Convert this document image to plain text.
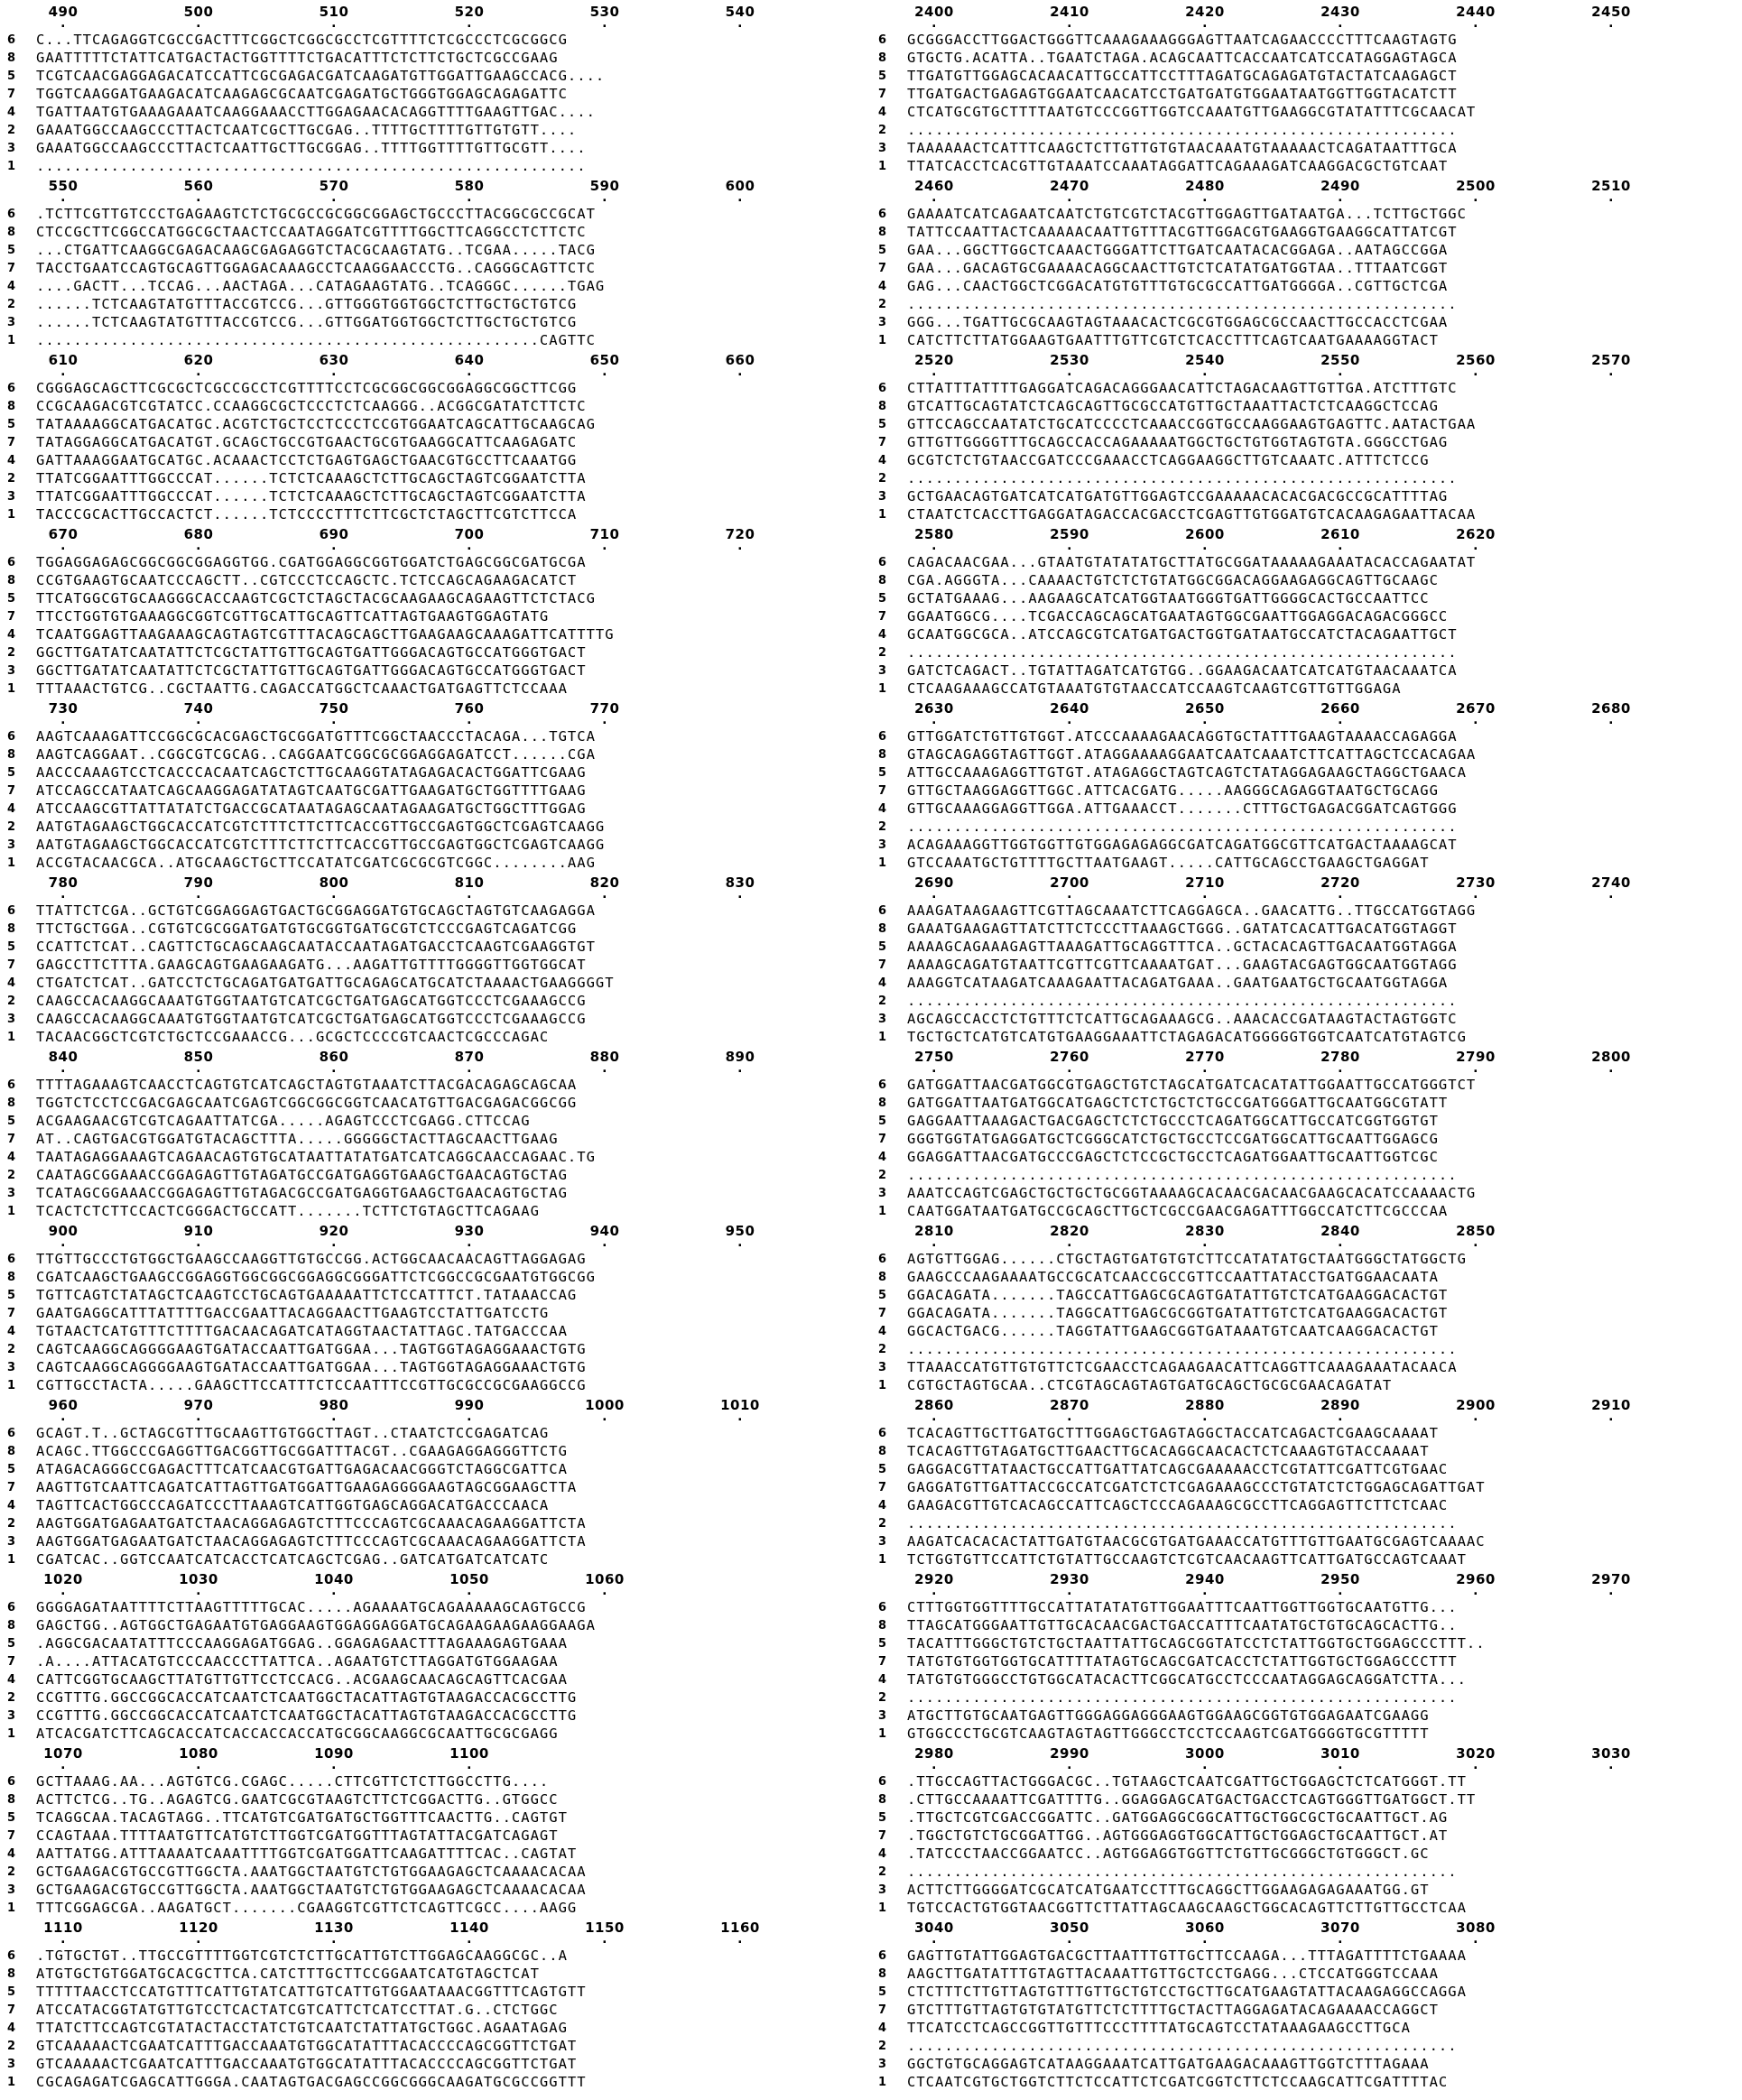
490 .	500 .	510 .	520 .	530 .	540 .
6	C...TTCAGAGGTCGCCGACTTTCGGCTCGGCGCCTCGTTTTCTCGCCCTCGCGGCG
8	GAATTTTTCTATTCATGACTACTGGTTTTCTGACATTTCTCTTCTGCTCGCCGAAG
5	TCGTCAACGAGGAGACATCCATTCGCGAGACGATCAAGATGTTGGATTGAAGCCACG....
7	TGGTCAAGGATGAAGACATCAAGAGCGCAATCGAGATGCTGGGTGGAGCAGAGATTC
4	TGATTAATGTGAAAGAAATCAAGGAAACCTTGGAGAACACAGGTTTTGAAGTTGAC....
2	GAAATGGCCAAGCCCTTACTCAATCGCTTGCGAG..TTTTGCTTTTGTTGTGTT....
3	GAAATGGCCAAGCCCTTACTCAATTGCTTGCGGAG..TTTTGGTTTTGTTGCGTT....
1	...........................................................
550 .	560 .	570 .	580 .	590 .	600 .
6	.TCTTCGTTGTCCCTGAGAAGTCTCTGCGCCGCGGCGGAGCTGCCCTTACGGCGCCGCAT
8	CTCCGCTTCGGCCATGGCGCTAACTCCAATAGGATCGTTTTGGCTTCAGGCCTCTTCTC
5	...CTGATTCAAGGCGAGACAAGCGAGAGGTCTACGCAAGTATG..TCGAA.....TACG
7	TACCTGAATCCAGTGCAGTTGGAGACAAAGCCTCAAGGAACCCTG..CAGGGCAGTTCTC
4	....GACTT...TCCAG...AACTAGA...CATAGAAGTATG..TCAGGGC......TGAG
2	......TCTCAAGTATGTTTACCGTCCG...GTTGGGTGGTGGCTCTTGCTGCTGTCG
3	......TCTCAAGTATGTTTACCGTCCG...GTTGGATGGTGGCTCTTGCTGCTGTCG
1	......................................................CAGTTC
610 .	620 .	630 .	640 .	650 .	660 .
6	CGGGAGCAGCTTCGCGCTCGCCGCCTCGTTTTCCTCGCGGCGGCGGAGGCGGCTTCGG
8	CCGCAAGACGTCGTATCC.CCAAGGCGCTCCCTCTCAAGGG..ACGGCGATATCTTCTC
5	TATAAAAGGCATGACATGC.ACGTCTGCTCCTCCCTCCGTGGAATCAGCATTGCAAGCAG
7	TATAGGAGGCATGACATGT.GCAGCTGCCGTGAACTGCGTGAAGGCATTCAAGAGATC
4	GATTAAAGGAATGCATGC.ACAAACTCCTCTGAGTGAGCTGAACGTGCCTTCAAATGG
2	TTATCGGAATTTGGCCCAT......TCTCTCAAAGCTCTTGCAGCTAGTCGGAATCTTA
3	TTATCGGAATTTGGCCCAT......TCTCTCAAAGCTCTTGCAGCTAGTCGGAATCTTA
1	TACCCGCACTTGCCACTCT......TCTCCCCTTTCTTCGCTCTAGCTTCGTCTTCCA
670 .	680 .	690 .	700 .	710 .	720 .
6	TGGAGGAGAGCGGCGGCGGAGGTGG.CGATGGAGGCGGTGGATCTGAGCGGCGATGCGA
8	CCGTGAAGTGCAATCCCAGCTT..CGTCCCTCCAGCTC.TCTCCAGCAGAAGACATCT
5	TTCATGGCGTGCAAGGGCACCAAGTCGCTCTAGCTACGCAAGAAGCAGAAGTTCTCTACG
7	TTCCTGGTGTGAAAGGCGGTCGTTGCATTGCAGTTCATTAGTGAAGTGGAGTATG
4	TCAATGGAGTTAAGAAAGCAGTAGTCGTTTACAGCAGCTTGAAGAAGCAAAGATTCATTTTG
2	GGCTTGATATCAATATTCTCGCTATTGTTGCAGTGATTGGGACAGTGCCATGGGTGACT
3	GGCTTGATATCAATATTCTCGCTATTGTTGCAGTGATTGGGACAGTGCCATGGGTGACT
1	TTTAAACTGTCG..CGCTAATTG.CAGACCATGGCTCAAACTGATGAGTTCTCCAAA
730 .	740 .	750 .	760 .	770 .
6	AAGTCAAAGATTCCGGCGCACGAGCTGCGGATGTTTCGGCTAACCCTACAGA...TGTCA
8	AAGTCAGGAAT..CGGCGTCGCAG..CAGGAATCGGCGCGGAGGAGATCCT......CGA
5	AACCCAAAGTCCTCACCCACAATCAGCTCTTGCAAGGTATAGAGACACTGGATTCGAAG
7	ATCCAGCCATAATCAGCAAGGAGATATAGTCAATGCGATTGAAGATGCTGGTTTTGAAG
4	ATCCAAGCGTTATTATATCTGACCGCATAATAGAGCAATAGAAGATGCTGGCTTTGGAG
2	AATGTAGAAGCTGGCACCATCGTCTTTCTTCTTCACCGTTGCCGAGTGGCTCGAGTCAAGG
3	AATGTAGAAGCTGGCACCATCGTCTTTCTTCTTCACCGTTGCCGAGTGGCTCGAGTCAAGG
1	ACCGTACAACGCA..ATGCAAGCTGCTTCCATATCGATCGCGCGTCGGC........AAG
780 .	790 .	800 .	810 .	820 .	830 .
6	TTATTCTCGA..GCTGTCGGAGGAGTGACTGCGGAGGATGTGCAGCTAGTGTCAAGAGGA
8	TTCTGCTGGA..CGTGTCGCGGATGATGTGCGGTGATGCGTCTCCCGAGTCAGATCGG
5	CCATTCTCAT..CAGTTCTGCAGCAAGCAATACCAATAGATGACCTCAAGTCGAAGGTGT
7	GAGCCTTCTTTA.GAAGCAGTGAAGAAGATG...AAGATTGTTTTGGGGTTGGTGGCAT
4	CTGATCTCAT..GATCCTCTGCAGATGATGATTGCAGAGCATGCATCTAAAACTGAAGGGGT
2	CAAGCCACAAGGCAAATGTGGTAATGTCATCGCTGATGAGCATGGTCCCTCGAAAGCCG
3	CAAGCCACAAGGCAAATGTGGTAATGTCATCGCTGATGAGCATGGTCCCTCGAAAGCCG
1	TACAACGGCTCGTCTGCTCCGAAACCG...GCGCTCCCCGTCAACTCGCCCAGAC
840 .	850 .	860 .	870 .	880 .	890 .
6	TTTTAGAAAGTCAACCTCAGTGTCATCAGCTAGTGTAAATCTTACGACAGAGCAGCAA
8	TGGTCTCCTCCGACGAGCAATCGAGTCGGCGGCGGTCAACATGTTGACGAGACGGCGG
5	ACGAAGAACGTCGTCAGAATTATCGA.....AGAGTCCCTCGAGG.CTTCCAG
7	AT..CAGTGACGTGGATGTACAGCTTTA.....GGGGGCTACTTAGCAACTTGAAG
4	TAATAGAGGAAAGTCAGAACAGTGTGCATAATTATATGATCATCAGGCAACCAGAAC.TG
2	CAATAGCGGAAACCGGAGAGTTGTAGATGCCGATGAGGTGAAGCTGAACAGTGCTAG
3	TCATAGCGGAAACCGGAGAGTTGTAGACGCCGATGAGGTGAAGCTGAACAGTGCTAG
1	TCACTCTCTTCCACTCGGGACTGCCATT.......TCTTCTGTAGCTTCAGAAG
900 .	910 .	920 .	930 .	940 .	950 .
6	TTGTTGCCCTGTGGCTGAAGCCAAGGTTGTGCCGG.ACTGGCAACAACAGTTAGGAGAG
8	CGATCAAGCTGAAGCCGGAGGTGGCGGCGGAGGCGGGATTCTCGGCCGCGAATGTGGCGG
5	TGTTCAGTCTATAGCTCAAGTCCTGCAGTGAAAAATTCTCCATTTCT.TATAAACCAG
7	GAATGAGGCATTTATTTTGACCGAATTACAGGAACTTGAAGTCCTATTGATCCTG
4	TGTAACTCATGTTTCTTTTGACAACAGATCATAGGTAACTATTAGC.TATGACCCAA
2	CAGTCAAGGCAGGGGAAGTGATACCAATTGATGGAA...TAGTGGTAGAGGAAACTGTG
3	CAGTCAAGGCAGGGGAAGTGATACCAATTGATGGAA...TAGTGGTAGAGGAAACTGTG
1	CGTTGCCTACTA.....GAAGCTTCCATTTCTCCAATTTCCGTTGCGCCGCGAAGGCCG
960 .	970 .	980 .	990 .	1000 .	1010 .
6	GCAGT.T..GCTAGCGTTTGCAAGTTGTGGCTTAGT..CTAATCTCCGAGATCAG
8	ACAGC.TTGGCCCGAGGTTGACGGTTGCGGATTTACGT..CGAAGAGGAGGGTTCTG
5	ATAGACAGGGCCGAGACTTTCATCAACGTGATTGAGACAACGGGTCTAGGCGATTCA
7	AAGTTGTCAATTCAGATCATTAGTTGATGGATTGAAGAGGGGAAGTAGCGGAAGCTTA
4	TAGTTCACTGGCCCAGATCCCTTAAAGTCATTGGTGAGCAGGACATGACCCAACA
2	AAGTGGATGAGAATGATCTAACAGGAGAGTCTTTCCCAGTCGCAAACAGAAGGATTCTA
3	AAGTGGATGAGAATGATCTAACAGGAGAGTCTTTCCCAGTCGCAAACAGAAGGATTCTA
1	CGATCAC..GGTCCAATCATCACCTCATCAGCTCGAG..GATCATGATCATCATC
1020 .	1030 .	1040 .	1050 .	1060 .
6	GGGGAGATAATTTTCTTAAGTTTTTGCAC.....AGAAAATGCAGAAAAAGCAGTGCCG
8	GAGCTGG..AGTGGCTGAGAATGTGAGGAAGTGGAGGAGGATGCAGAAGAAGAAGGAAGA
5	.AGGCGACAATATTTCCCAAGGAGATGGAG..GGAGAGAACTTTAGAAAGAGTGAAA
7	.A....ATTACATGTCCCAACCCTTATTCA..AGAATGTCTTAGGATGTGGAAGAA
4	CATTCGGTGCAAGCTTATGTTGTTCCTCCACG..ACGAAGCAACAGCAGTTCACGAA
2	CCGTTTG.GGCCGGCACCATCAATCTCAATGGCTACATTAGTGTAAGACCACGCCTTG
3	CCGTTTG.GGCCGGCACCATCAATCTCAATGGCTACATTAGTGTAAGACCACGCCTTG
1	ATCACGATCTTCAGCACCATCACCACCACCATGCGGCAAGGCGCAATTGCGCGAGG
1070 .	1080 .	1090 .	1100 .
6	GCTTAAAG.AA...AGTGTCG.CGAGC.....CTTCGTTCTCTTGGCCTTG....
8	ACTTCTCG..TG..AGAGTCG.GAATCGCGTAAGTCTTCTCGGACTTG..GTGGCC
5	TCAGGCAA.TACAGTAGG..TTCATGTCGATGATGCTGGTTTCAACTTG..CAGTGT
7	CCAGTAAA.TTTTAATGTTCATGTCTTGGTCGATGGTTTAGTATTACGATCAGAGT
4	AATTATGG.ATTTAAAATCAAATTTTGGTCGATGGATTCAAGATTTTCAC..CAGTAT
2	GCTGAAGACGTGCCGTTGGCTA.AAATGGCTAATGTCTGTGGAAGAGCTCAAAACACAA
3	GCTGAAGACGTGCCGTTGGCTA.AAATGGCTAATGTCTGTGGAAGAGCTCAAAACACAA
1	TTTCGGAGCGA..AAGATGCT.......CGAAGGTCGTTCTCAGTTCGCC....AAGG
1110 .	1120 .	1130 .	1140 .	1150 .	1160 .
6	.TGTGCTGT..TTGCCGTTTTGGTCGTCTCTTGCATTGTCTTGGAGCAAGGCGC..A
8	ATGTGCTGTGGATGCACGCTTCA.CATCTTTGCTTCCGGAATCATGTAGCTCAT
5	TTTTTAACCTCCATGTTTCATTGTATCATTGTCATTGTGGAATAAACGGTTTCAGTGTT
7	ATCCATACGGTATGTTGTCCTCACTATCGTCATTCTCATCCTTAT.G..CTCTGGC
4	TTATCTTCCAGTCGTATACTACCTATCTGTCAATCTATTATGCTGGC.AGAATAGAG
2	GTCAAAAACTCGAATCATTTGACCAAATGTGGCATATTTACACCCCAGCGGTTCTGAT
3	GTCAAAAACTCGAATCATTTGACCAAATGTGGCATATTTACACCCCAGCGGTTCTGAT
1	CGCAGAGATCGAGCATTGGGA.CAATAGTGACGAGCCGGCGGGCAAGATGCGCCGGTTT
2400 .	2410 .	2420 .	2430 .	2440 .	2450 .
6	GCGGGACCTTGGACTGGGTTCAAAGAAAGGGAGTTAATCAGAACCCCTTTCAAGTAGTG
8	GTGCTG.ACATTA..TGAATCTAGA.ACAGCAATTCACCAATCATCCATAGGAGTAGCA
5	TTGATGTTGGAGCACAACATTGCCATTCCTTTAGATGCAGAGATGTACTATCAAGAGCT
7	TTGATGACTGAGAGTGGAATCAACATCCTGATGATGTGGAATAATGGTTGGTACATCTT
4	CTCATGCGTGCTTTTAATGTCCCGGTTGGTCCAAATGTTGAAGGCGTATATTTCGCAACAT
2	...........................................................
3	TAAAAAACTCATTTCAAGCTCTTGTTGTGTAACAAATGTAAAAACTCAGATAATTTGCA
1	TTATCACCTCACGTTGTAAATCCAAATAGGATTCAGAAAGATCAAGGACGCTGTCAAT
2460 .	2470 .	2480 .	2490 .	2500 .	2510 .
6	GAAAATCATCAGAATCAATCTGTCGTCTACGTTGGAGTTGATAATGA...TCTTGCTGGC
8	TATTCCAATTACTCAAAAACAATTGTTTACGTTGGACGTGAAGGTGAAGGCATTATCGT
5	GAA...GGCTTGGCTCAAACTGGGATTCTTGATCAATACACGGAGA..AATAGCCGGA
7	GAA...GACAGTGCGAAAACAGGCAACTTGTCTCATATGATGGTAA..TTTAATCGGT
4	GAG...CAACTGGCTCGGACATGTGTTTGTGCGCCATTGATGGGGA..CGTTGCTCGA
2	...........................................................
3	GGG...TGATTGCGCAAGTAGTAAACACTCGCGTGGAGCGCCAACTTGCCACCTCGAA
1	CATCTTCTTATGGAAGTGAATTTGTTCGTCTCACCTTTCAGTCAATGAAAAGGTACT
2520 .	2530 .	2540 .	2550 .	2560 .	2570 .
6	CTTATTTATTTTGAGGATCAGACAGGGAACATTCTAGACAAGTTGTTGA.ATCTTTGTC
8	GTCATTGCAGTATCTCAGCAGTTGCGCCATGTTGCTAAATTACTCTCAAGGCTCCAG
5	GTTCCAGCCAATATCTGCATCCCCTCAAACCGGTGCCAAGGAAGTGAGTTC.AATACTGAA
7	GTTGTTGGGGTTTGCAGCCACCAGAAAAATGGCTGCTGTGGTAGTGTA.GGGCCTGAG
4	GCGTCTCTGTAACCGATCCCGAAACCTCAGGAAGGCTTGTCAAATC.ATTTCTCCG
2	...........................................................
3	GCTGAACAGTGATCATCATGATGTTGGAGTCCGAAAAACACACGACGCCGCATTTTAG
1	CTAATCTCACCTTGAGGATAGACCACGACCTCGAGTTGTGGATGTCACAAGAGAATTACAA
2580 .	2590 .	2600 .	2610 .	2620 .
6	CAGACAACGAA...GTAATGTATATATGCTTATGCGGATAAAAAGAAATACACCAGAATAT
8	CGA.AGGGTA...CAAAACTGTCTCTGTATGGCGGACAGGAAGAGGCAGTTGCAAGC
5	GCTATGAAAG...AAGAAGCATCATGGTAATGGGTGATTGGGGCACTGCCAATTCC
7	GGAATGGCG....TCGACCAGCAGCATGAATAGTGGCGAATTGGAGGACAGACGGGCC
4	GCAATGGCGCA..ATCCAGCGTCATGATGACTGGTGATAATGCCATCTACAGAATTGCT
2	...........................................................
3	GATCTCAGACT..TGTATTAGATCATGTGG..GGAAGACAATCATCATGTAACAAATCA
1	CTCAAGAAAGCCATGTAAATGTGTAACCATCCAAGTCAAGTCGTTGTTGGAGA
2630 .	2640 .	2650 .	2660 .	2670 .	2680 .
6	GTTGGATCTGTTGTGGT.ATCCCAAAAGAACAGGTGCTATTTGAAGTAAAACCAGAGGA
8	GTAGCAGAGGTAGTTGGT.ATAGGAAAAGGAATCAATCAAATCTTCATTAGCTCCACAGAA
5	ATTGCCAAAGAGGTTGTGT.ATAGAGGCTAGTCAGTCTATAGGAGAAGCTAGGCTGAACA
7	GTTGCTAAGGAGGTTGGC.ATTCACGATG.....AAGGGCAGAGGTAATGCTGCAGG
4	GTTGCAAAGGAGGTTGGA.ATTGAAACCT.......CTTTGCTGAGACGGATCAGTGGG
2	...........................................................
3	ACAGAAAGGTTGGTGGTTGTGGAGAGAGGCGATCAGATGGCGTTCATGACTAAAAGCAT
1	GTCCAAATGCTGTTTTGCTTAATGAAGT.....CATTGCAGCCTGAAGCTGAGGAT
2690 .	2700 .	2710 .	2720 .	2730 .	2740 .
6	AAAGATAAGAAGTTCGTTAGCAAATCTTCAGGAGCA..GAACATTG..TTGCCATGGTAGG
8	GAAATGAAGAGTTATCTTCTCCCTTAAAGCTGGG..GATATCACATTGACATGGTAGGT
5	AAAAGCAGAAAGAGTTAAAGATTGCAGGTTTCA..GCTACACAGTTGACAATGGTAGGA
7	AAAAGCAGATGTAATTCGTTCGTTCAAAATGAT...GAAGTACGAGTGGCAATGGTAGG
4	AAAGGTCATAAGATCAAAGAATTACAGATGAAA..GAATGAATGCTGCAATGGTAGGA
2	...........................................................
3	AGCAGCCACCTCTGTTTCTCATTGCAGAAAGCG..AAACACCGATAAGTACTAGTGGTC
1	TGCTGCTCATGTCATGTGAAGGAAATTCTAGAGACATGGGGGTGGTCAATCATGTAGTCG
2750 .	2760 .	2770 .	2780 .	2790 .	2800 .
6	GATGGATTAACGATGGCGTGAGCTGTCTAGCATGATCACATATTGGAATTGCCATGGGTCT
8	GATGGATTAATGATGGCATGAGCTCTCTGCTCTGCCGATGGGATTGCAATGGCGTATT
5	GAGGAATTAAAGACTGACGAGCTCTCTGCCCTCAGATGGCATTGCCATCGGTGGTGT
7	GGGTGGTATGAGGATGCTCGGGCATCTGCTGCCTCCGATGGCATTGCAATTGGAGCG
4	GGAGGATTAACGATGCCCGAGCTCTCCGCTGCCTCAGATGGAATTGCAATTGGTCGC
2	...........................................................
3	AAATCCAGTCGAGCTGCTGCTGCGGTAAAAGCACAACGACAACGAAGCACATCCAAAACTG
1	CAATGGATAATGATGCCGCAGCTTGCTCGCCGAACGAGATTTGGCCATCTTCGCCCAA
2810 .	2820 .	2830 .	2840 .	2850 .
6	AGTGTTGGAG......CTGCTAGTGATGTGTCTTCCATATATGCTAATGGGCTATGGCTG
8	GAAGCCCAAGAAAATGCCGCATCAACCGCCGTTCCAATTATACCTGATGGAACAATA
5	GGACAGATA.......TAGCCATTGAGCGCAGTGATATTGTCTCATGAAGGACACTGT
7	GGACAGATA.......TAGGCATTGAGCGCGGTGATATTGTCTCATGAAGGACACTGT
4	GGCACTGACG......TAGGTATTGAAGCGGTGATAAATGTCAATCAAGGACACTGT
2	...........................................................
3	TTAAACCATGTTGTGTTCTCGAACCTCAGAAGAACATTCAGGTTCAAAGAAATACAACA
1	CGTGCTAGTGCAA..CTCGTAGCAGTAGTGATGCAGCTGCGCGAACAGATAT
2860 .	2870 .	2880 .	2890 .	2900 .	2910 .
6	TCACAGTTGCTTGATGCTTTGGAGCTGAGTAGGCTACCATCAGACTCGAAGCAAAAT
8	TCACAGTTGTAGATGCTTGAACTTGCACAGGCAACACTCTCAAAGTGTACCAAAAT
5	GAGGACGTTATAACTGCCATTGATTATCAGCGAAAAACCTCGTATTCGATTCGTGAAC
7	GAGGATGTTGATTACCGCCATCGATCTCTCGAGAAAGCCCTGTATCTCTGGAGCAGATTGAT
4	GAAGACGTTGTCACAGCCATTCAGCTCCCAGAAAGCGCCTTCAGGAGTTCTTCTCAAC
2	...........................................................
3	AAGATCACACACTATTGATGTAACGCGTGATGAAACCATGTTTGTTGAATGCGAGTCAAAAC
1	TCTGGTGTTCCATTCTGTATTGCCAAGTCTCGTCAACAAGTTCATTGATGCCAGTCAAAT
2920 .	2930 .	2940 .	2950 .	2960 .	2970 .
6	CTTTGGTGGTTTTGCCATTATATATGTTGGAATTTCAATTGGTTGGTGCAATGTTG...
8	TTAGCATGGGAATTGTTGCACAACGACTGACCATTTCAATATGCTGTGCAGCACTTG..
5	TACATTTGGGCTGTCTGCTAATTATTGCAGCGGTATCCTCTATTGGTGCTGGAGCCCTTT..
7	TATGTGTGGTGGTGCATTTTATAGTGCAGCGATCACCTCTATTGGTGCTGGAGCCCTTT
4	TATGTGTGGGCCTGTGGCATACACTTCGGCATGCCTCCCAATAGGAGCAGGATCTTA...
2	...........................................................
3	ATGCTTGTGCAATGAGTTGGGAGGAGGGAAGTGGAAGCGGTGTGGAGAATCGAAGG
1	GTGGCCCTGCGTCAAGTAGTAGTTGGGCCTCCTCCAAGTCGATGGGGTGCGTTTTT
2980 .	2990 .	3000 .	3010 .	3020 .	3030 .
6	.TTGCCAGTTACTGGGACGC..TGTAAGCTCAATCGATTGCTGGAGCTCTCATGGGT.TT
8	.CTTGCCAAAATTCGATTTTG..GGAGGAGCATGACTGACCTCAGTGGGTTGATGGCT.TT
5	.TTGCTCGTCGACCGGATTC..GATGGAGGCGGCATTGCTGGCGCTGCAATTGCT.AG
7	.TGGCTGTCTGCGGATTGG..AGTGGGAGGTGGCATTGCTGGAGCTGCAATTGCT.AT
4	.TATCCCTAACCGGAATCC..AGTGGAGGTGGTTCTGTTGCGGGCTGTGGGCT.GC
2	...........................................................
3	ACTTCTTGGGGATCGCATCATGAATCCTTTGCAGGCTTGGAAGAGAGAAATGG.GT
1	TGTCCACTGTGGTAACGGTTCTTATTAGCAAGCAAGCTGGCACAGTTCTTGTTGCCTCAA
3040 .	3050 .	3060 .	3070 .	3080 .
6	GAGTTGTATTGGAGTGACGCTTAATTTGTTGCTTCCAAGA...TTTAGATTTTCTGAAAA
8	AAGCTTGATATTTGTAGTTACAAATTGTTGCTCCTGAGG...CTCCATGGGTCCAAA
5	CTCTTTCTTGTTAGTGTTTGTTGCTGTCCTGCTTGCATGAAGTATTACAAGAGGCCAGGA
7	GTCTTTGTTAGTGTGTATGTTCTCTTTTGCTACTTAGGAGATACAGAAAACCAGGCT
4	TTCATCCTCAGCCGGTTGTTTCCCTTTTATGCAGTCCTATAAAGAAGCCTTGCA
2	...........................................................
3	GGCTGTGCAGGAGTCATAAGGAAATCATTGATGAAGACAAAGTTGGTCTTTAGAAA
1	CTCAATCGTGCTGGTCTTCTCCATTCTCGATCGGTCTTCTCCAAGCATTCGATTTTAC
